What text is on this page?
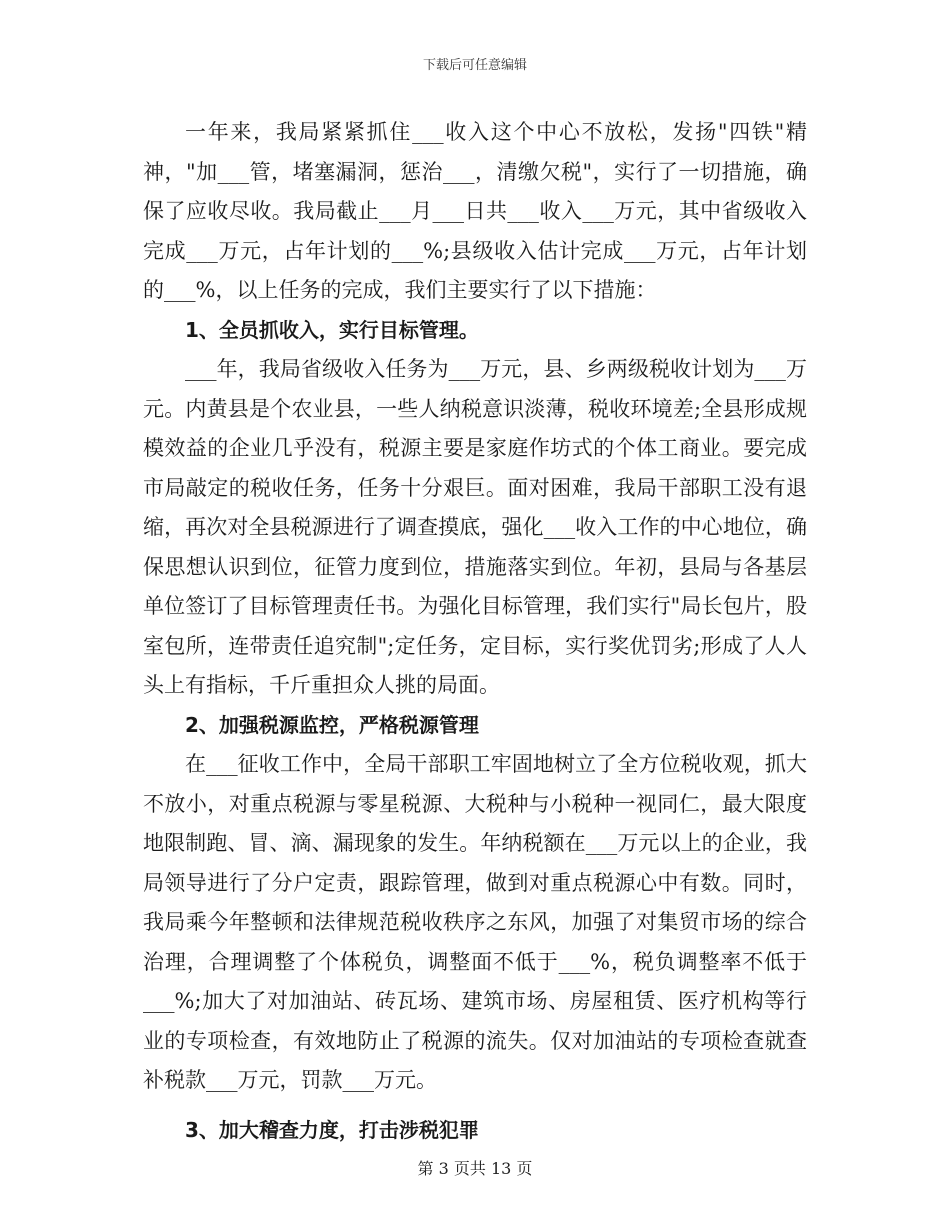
下载后可任意编辑

一年来，我局紧紧抓住___收入这个中心不放松，发扬"四铁"精神，"加___管，堵塞漏洞，惩治___，清缴欠税"，实行了一切措施，确保了应收尽收。我局截止___月___日共___收入___万元，其中省级收入完成___万元，占年计划的___%;县级收入估计完成___万元，占年计划的___%，以上任务的完成，我们主要实行了以下措施：

1、全员抓收入，实行目标管理。

___年，我局省级收入任务为___万元，县、乡两级税收计划为___万元。内黄县是个农业县，一些人纳税意识淡薄，税收环境差;全县形成规模效益的企业几乎没有，税源主要是家庭作坊式的个体工商业。要完成市局敲定的税收任务，任务十分艰巨。面对困难，我局干部职工没有退缩，再次对全县税源进行了调查摸底，强化___收入工作的中心地位，确保思想认识到位，征管力度到位，措施落实到位。年初，县局与各基层单位签订了目标管理责任书。为强化目标管理，我们实行"局长包片，股室包所，连带责任追究制";定任务，定目标，实行奖优罚劣;形成了人人头上有指标，千斤重担众人挑的局面。

2、加强税源监控，严格税源管理

在___征收工作中，全局干部职工牢固地树立了全方位税收观，抓大不放小，对重点税源与零星税源、大税种与小税种一视同仁，最大限度地限制跑、冒、滴、漏现象的发生。年纳税额在___万元以上的企业，我局领导进行了分户定责，跟踪管理，做到对重点税源心中有数。同时，我局乘今年整顿和法律规范税收秩序之东风，加强了对集贸市场的综合治理，合理调整了个体税负，调整面不低于___%，税负调整率不低于___%;加大了对加油站、砖瓦场、建筑市场、房屋租赁、医疗机构等行业的专项检查，有效地防止了税源的流失。仅对加油站的专项检查就查补税款___万元，罚款___万元。

3、加大稽查力度，打击涉税犯罪

第 3 页共 13 页
